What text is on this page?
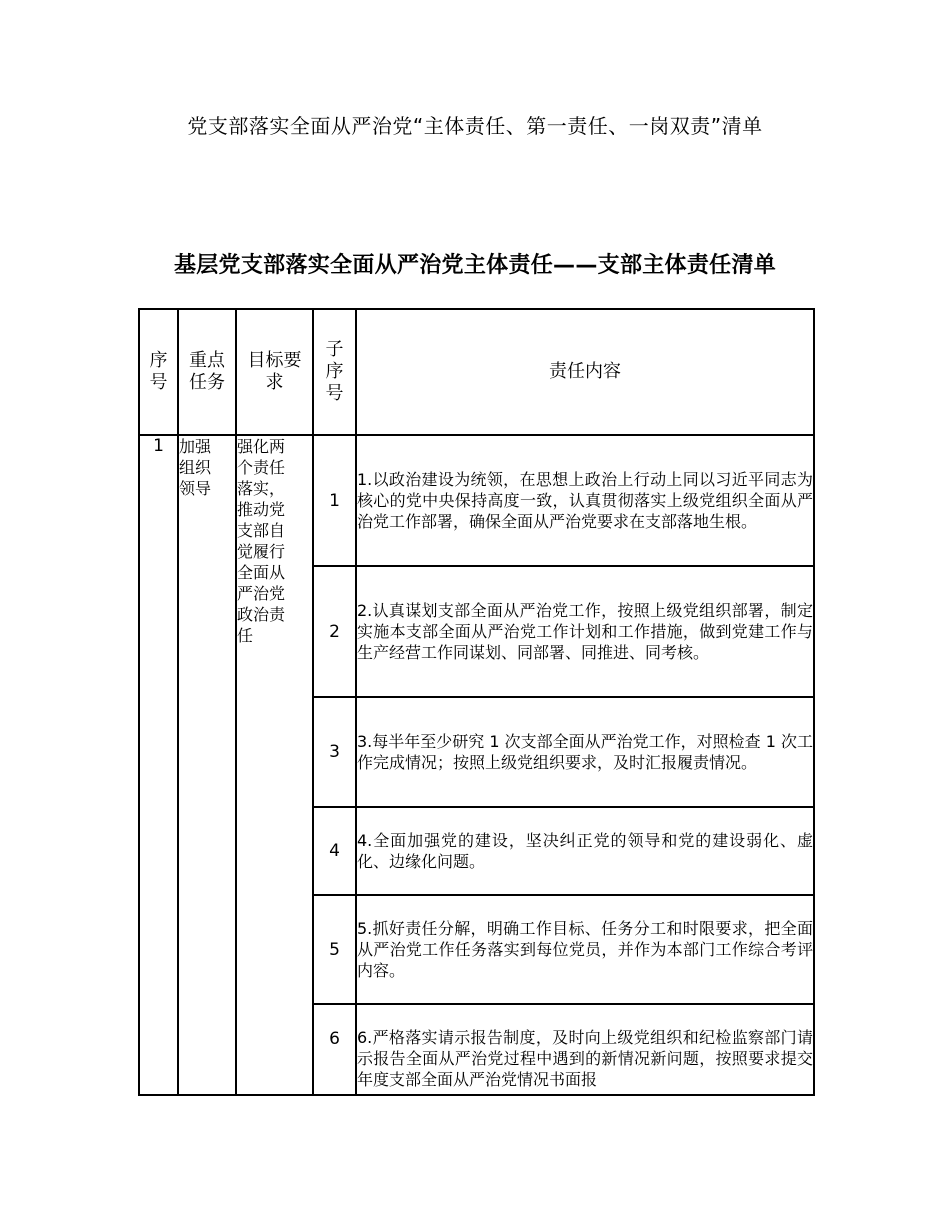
党支部落实全面从严治党“主体责任、第一责任、一岗双责”清单
基层党支部落实全面从严治党主体责任——支部主体责任清单
序号	重点任务	目标要求	子序号	责任内容
1	加强组织领导	强化两个责任落实，推动党支部自觉履行全面从严治党政治责任	1	1.以政治建设为统领，在思想上政治上行动上同以习近平同志为核心的党中央保持高度一致，认真贯彻落实上级党组织全面从严治党工作部署，确保全面从严治党要求在支部落地生根。
			2	2.认真谋划支部全面从严治党工作，按照上级党组织部署，制定实施本支部全面从严治党工作计划和工作措施，做到党建工作与生产经营工作同谋划、同部署、同推进、同考核。
			3	3.每半年至少研究 1 次支部全面从严治党工作，对照检查 1 次工作完成情况；按照上级党组织要求，及时汇报履责情况。
			4	4.全面加强党的建设，坚决纠正党的领导和党的建设弱化、虚化、边缘化问题。
			5	5.抓好责任分解，明确工作目标、任务分工和时限要求，把全面从严治党工作任务落实到每位党员，并作为本部门工作综合考评内容。
			6	6.严格落实请示报告制度，及时向上级党组织和纪检监察部门请示报告全面从严治党过程中遇到的新情况新问题，按照要求提交年度支部全面从严治党情况书面报
